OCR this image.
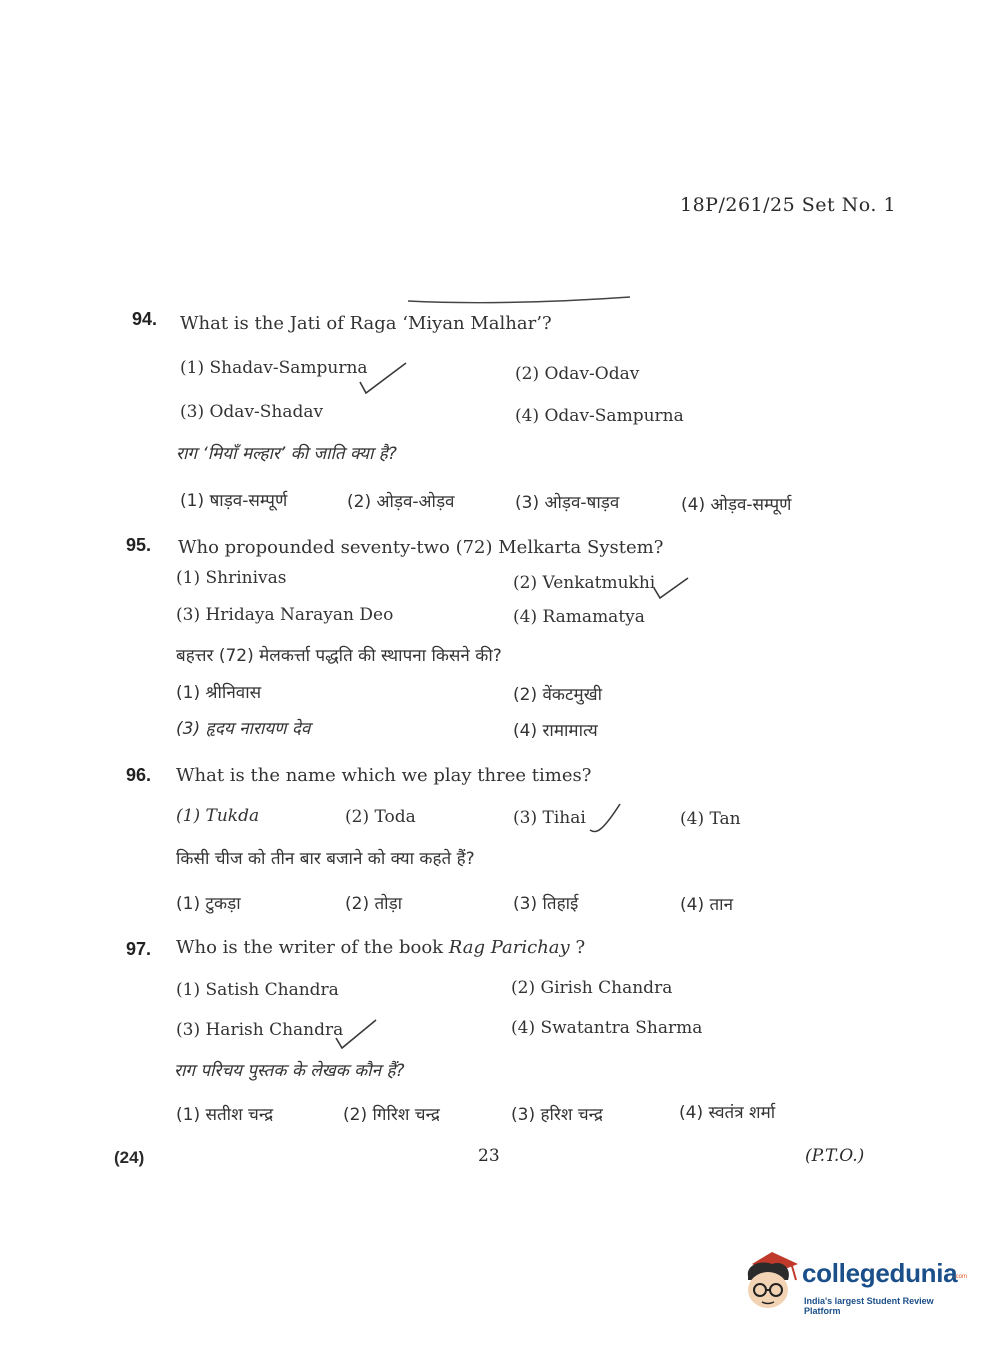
18P/261/25 Set No. 1
94. What is the Jati of Raga ‘Miyan Malhar’?
(1) Shadav-Sampurna	(2) Odav-Odav
(3) Odav-Shadav	(4) Odav-Sampurna
राग ‘मियाँ मल्हार’ की जाति क्या है?
(1) षाड़व-सम्पूर्ण	(2) ओड़व-ओड़व	(3) ओड़व-षाड़व	(4) ओड़व-सम्पूर्ण
95. Who propounded seventy-two (72) Melkarta System?
(1) Shrinivas	(2) Venkatmukhi
(3) Hridaya Narayan Deo	(4) Ramamatya
बहत्तर (72) मेलकर्त्ता पद्धति की स्थापना किसने की?
(1) श्रीनिवास	(2) वेंकटमुखी
(3) हृदय नारायण देव	(4) रामामात्य
96. What is the name which we play three times?
(1) Tukda	(2) Toda	(3) Tihai	(4) Tan
किसी चीज को तीन बार बजाने को क्या कहते हैं?
(1) टुकड़ा	(2) तोड़ा	(3) तिहाई	(4) तान
97. Who is the writer of the book Rag Parichay ?
(1) Satish Chandra	(2) Girish Chandra
(3) Harish Chandra	(4) Swatantra Sharma
राग परिचय पुस्तक के लेखक कौन हैं?
(1) सतीश चन्द्र	(2) गिरिश चन्द्र	(3) हरिश चन्द्र	(4) स्वतंत्र शर्मा
(24)	23	(P.T.O.)
collegedunia
.com
India's largest Student Review Platform
